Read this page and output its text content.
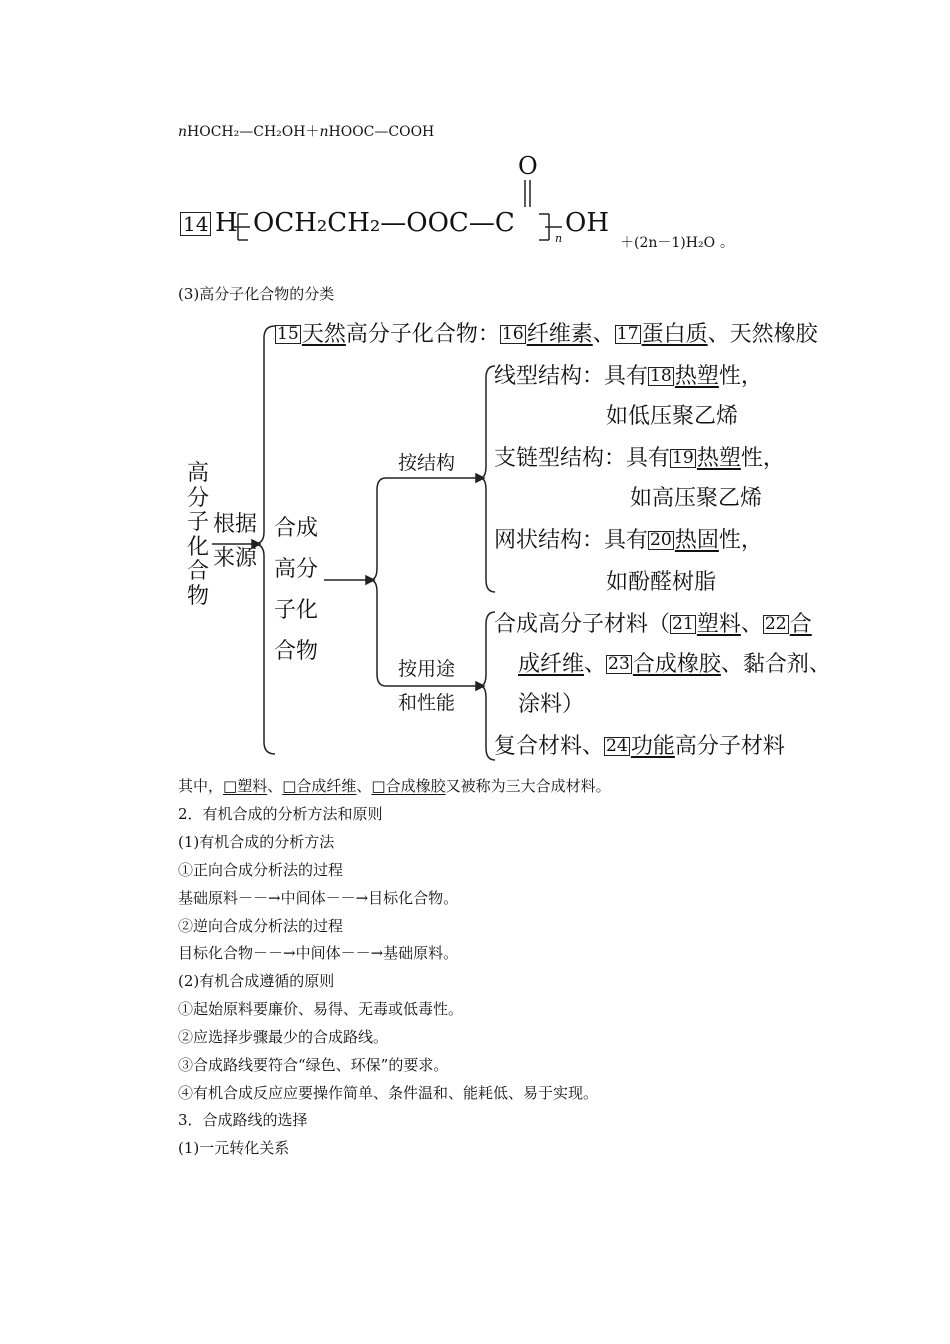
nHOCH₂—CH₂OH＋nHOOC—COOH
14 H OCH₂CH₂—OOC—C
O
n
OH
＋(2n－1)H₂O 。
(3)高分子化合物的分类
高分子化合物
根据
来源
15 天然高分子化合物： 16 纤维素、 17 蛋白质、天然橡胶
合成高分子化合物
按结构
按用途
和性能
线型结构：具有 18 热塑性，
如低压聚乙烯
支链型结构：具有 19 热塑性，
如高压聚乙烯
网状结构：具有 20 热固性，
如酚醛树脂
合成高分子材料（ 21 塑料、 22 合
成纤维、 23 合成橡胶、黏合剂、
涂料）
复合材料、 24 功能高分子材料
其中，□塑料、□合成纤维、□合成橡胶又被称为三大合成材料。
2．有机合成的分析方法和原则
(1)有机合成的分析方法
①正向合成分析法的过程
基础原料－－→中间体－－→目标化合物。
②逆向合成分析法的过程
目标化合物－－→中间体－－→基础原料。
(2)有机合成遵循的原则
①起始原料要廉价、易得、无毒或低毒性。
②应选择步骤最少的合成路线。
③合成路线要符合“绿色、环保”的要求。
④有机合成反应应要操作简单、条件温和、能耗低、易于实现。
3．合成路线的选择
(1)一元转化关系
